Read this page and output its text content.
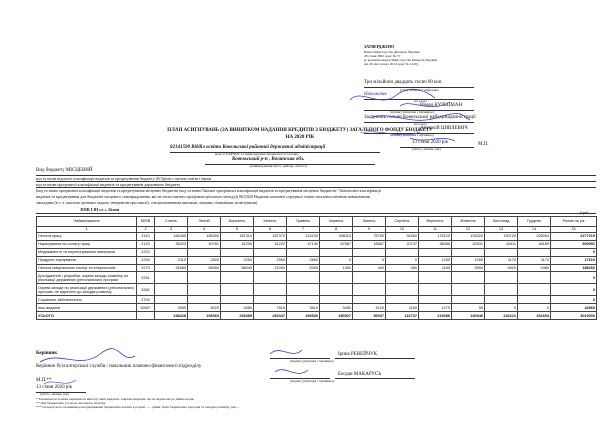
ЗАТВЕРДЖЕНО
Наказ Міністерства фінансів України
28 січня 2002 року № 57
(у редакції наказу Міністерства фінансів України
від 26 листопада 2012 року № 1220)
Три мільйони двадцять тисяч 00 коп.
(сума словами і цифрами)
Начальник
(посада)
Роман КУЛЬЦМАН
(підпис) (ініціали і прізвище)
Заступник голови Ковельської райдержадміністрації
(посада)
Анатолій ЦИВЛЕВИЧ
(підпис) (ініціали і прізвище)
13 січня 2020 рік
(число, місяць, рік)
М.П.
ПЛАН АСИГНУВАНЬ (ЗА ВИНЯТКОМ НАДАННЯ КРЕДИТІВ З БЮДЖЕТУ) ЗАГАЛЬНОГО ФОНДУ БЮДЖЕТУ
НА 2020 РІК
02141590 Відділ освіти Ковельської районної державної адміністрації
(код за ЄДРПОУ та найменування бюджетної установи)
Ковельський р-н , Волинська обл.
(найменування міста, району, області)
Вид бюджету МІСЦЕВИЙ
код та назва відомчої класифікації видатків та кредитування бюджету 06 Орган з питань освіти і науки
код та назва програмної класифікації видатків та кредитування державного бюджету
(код та назва програмної класифікації видатків та кредитування місцевих бюджетів (код та назва Типової програмної класифікації видатків та кредитування місцевих бюджетів / Тимчасової класифікації
видатків та кредитування для бюджетів місцевого самоврядування, які не застосовують програмно-цільового методу)) 0611020 Надання загальної середньої освіти загальноосвітніми навчальними
закладами (в т. ч. школою-дитячим садком, інтернатом при школі), спеціалізованими школами, ліцеями, гімназіями, колегіумами)
ЗОШ І-ІІІ ст. с. Білин
(грн)
Найменування	КЕКВ	Січень	Лютий	Березень	Квітень	Травень	Червень	Липень	Серпень	Вересень	Жовтень	Листопад	Грудень	Разом на рік
1	2	3	4	5	6	7	8	9	10	11	12	13	14	15
Оплата праці	2110	164485	185390	187310	187370	214230	398110	75750	94260	175120	193320	193720	209054	2277019
Нарахування на оплату праці	2120	36203	40781	41205	41222	47130	87587	16667	20737	38086	42531	42611	46189	500951
Медикаменти та перев'язувальні матеріали	2220													0
Продукти харчування	2230	2110	2820	2250	2950	2660	0	0	0	1430	1050	1170	1170	17610
Оплата комунальних послуг та енергоносіїв	2270	31680	59050	58040	21090	2000	1350	400	580	1180	3990	4520	4380	188260
Дослідження і розробки, окремі заходи розвитку по реалізації державних (регіональних) програм	2281													0
Окремі заходи по реалізації державних (регіональних) програм, не віднесені до заходів розвитку	2282													0
Соціальне забезпечення	2700													0
Інші видатки	5000*	3950	5020	4580	7815	3510	3480	4120	1160	1270	55	0	0	34960
УСЬОГО		238428	293063	293385	260447	269530	490527	96937	116737	215086	240946	242221	261693	3019000
Керівник	Ірина РЕВЕЙЧУК
(підпис) (ініціали і прізвище)
Керівник бухгалтерської служби / начальник планово-фінансового підрозділу
Богдан МАКАРУСЬ
(підпис) (ініціали і прізвище)
М.П.**
13 січня 2020 рік
(число, місяць, рік)
* Заповнюється лише видатків на виплату інші видатки, зокрема видатки, що не віднесені до інших кодів.
** Для бюджетних установ, які мають печатку.
*** Складається головними розпорядниками бюджетних коштів в розрізі ...... рівня, їхніх бюджетних програм та заходів розвитку для ...
